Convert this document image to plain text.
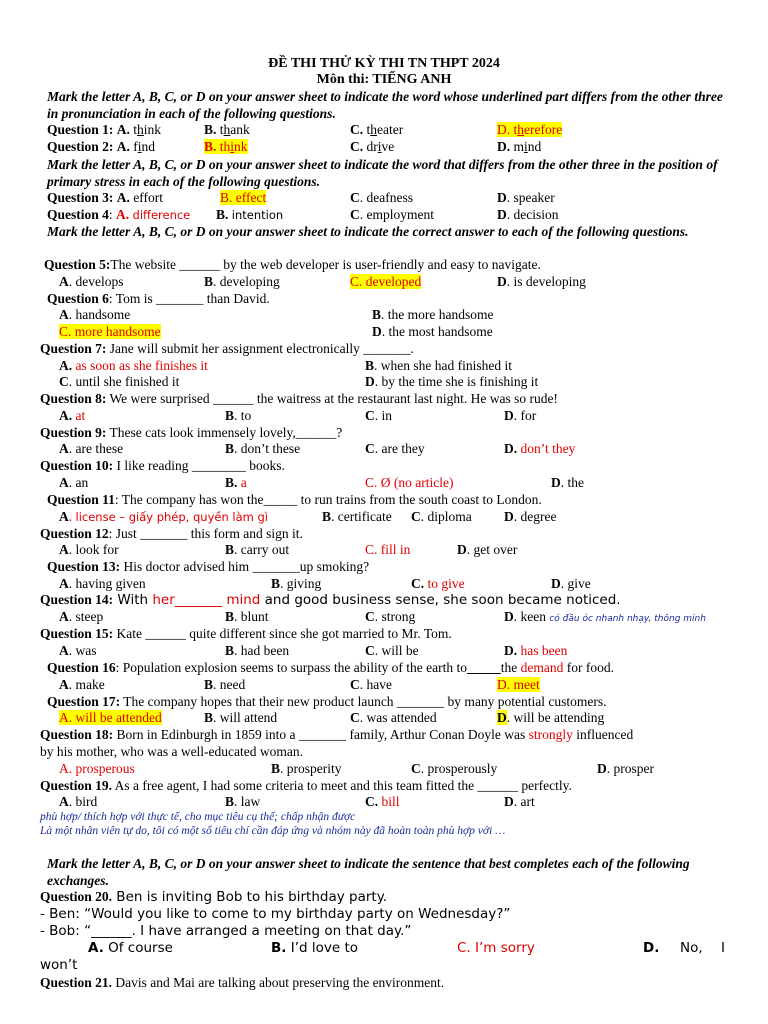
ĐỀ THI THỬ KỲ THI TN THPT 2024
Môn thi: TIẾNG ANH
Mark the letter A, B, C, or D on your answer sheet to indicate the word whose underlined part differs from the other three in pronunciation in each of the following questions.
Question 1: A. think	B. thank	C. theater	D. therefore
Question 2: A. find	B. think	C. drive	D. mind
Mark the letter A, B, C, or D on your answer sheet to indicate the word that differs from the other three in the position of primary stress in each of the following questions.
Question 3: A. effort	B. effect	C. deafness	D. speaker
Question 4: A. difference B. intention	C. employment	D. decision
Mark the letter A, B, C, or D on your answer sheet to indicate the correct answer to each of the following questions.
Question 5:The website ______ by the web developer is user-friendly and easy to navigate.
A. develops	B. developing	C. developed	D. is developing
Question 6: Tom is _______ than David.
A. handsome	B. the more handsome
C. more handsome	D. the most handsome
Question 7: Jane will submit her assignment electronically _______.
A. as soon as she finishes it	B. when she had finished it
C. until she finished it	D. by the time she is finishing it
Question 8: We were surprised ______ the waitress at the restaurant last night. He was so rude!
A. at	B. to	C. in	D. for
Question 9: These cats look immensely lovely,______?
A. are these	B. don’t these	C. are they	D. don’t they
Question 10: I like reading ________ books.
A. an	B. a	C. Ø (no article)	D. the
Question 11: The company has won the_____ to run trains from the south coast to London.
A. license – giấy phép, quyền làm gì	B. certificate C. diploma D. degree
Question 12: Just _______ this form and sign it.
A. look for	B. carry out	C. fill in	D. get over
Question 13: His doctor advised him _______up smoking?
A. having given	B. giving	C. to give	D. give
Question 14: With her_______ mind and good business sense, she soon became noticed.
A. steep	B. blunt	C. strong	D. keen có đầu óc nhanh nhạy, thông minh
Question 15: Kate ______ quite different since she got married to Mr. Tom.
A. was	B. had been	C. will be	D. has been
Question 16: Population explosion seems to surpass the ability of the earth to_____the demand for food.
A. make	B. need	C. have	D. meet
Question 17: The company hopes that their new product launch _______ by many potential customers.
A. will be attended	B. will attend	C. was attended	D. will be attending
Question 18: Born in Edinburgh in 1859 into a _______ family, Arthur Conan Doyle was strongly influenced
by his mother, who was a well-educated woman.
A. prosperous	B. prosperity	C. prosperously	D. prosper
Question 19. As a free agent, I had some criteria to meet and this team fitted the ______ perfectly.
A. bird	B. law	C. bill	D. art
phù hợp/ thích hợp với thực tế, cho mục tiêu cụ thể; chấp nhận được
Là một nhân viên tự do, tôi có một số tiêu chí cần đáp ứng và nhóm này đã hoàn toàn phù hợp với …
Mark the letter A, B, C, or D on your answer sheet to indicate the sentence that best completes each of the following exchanges.
Question 20. Ben is inviting Bob to his birthday party.
- Ben: “Would you like to come to my birthday party on Wednesday?”
- Bob: “______. I have arranged a meeting on that day.”
A. Of course	B. I’d love to	C. I’m sorry	D. No, I
won’t
Question 21. Davis and Mai are talking about preserving the environment.
